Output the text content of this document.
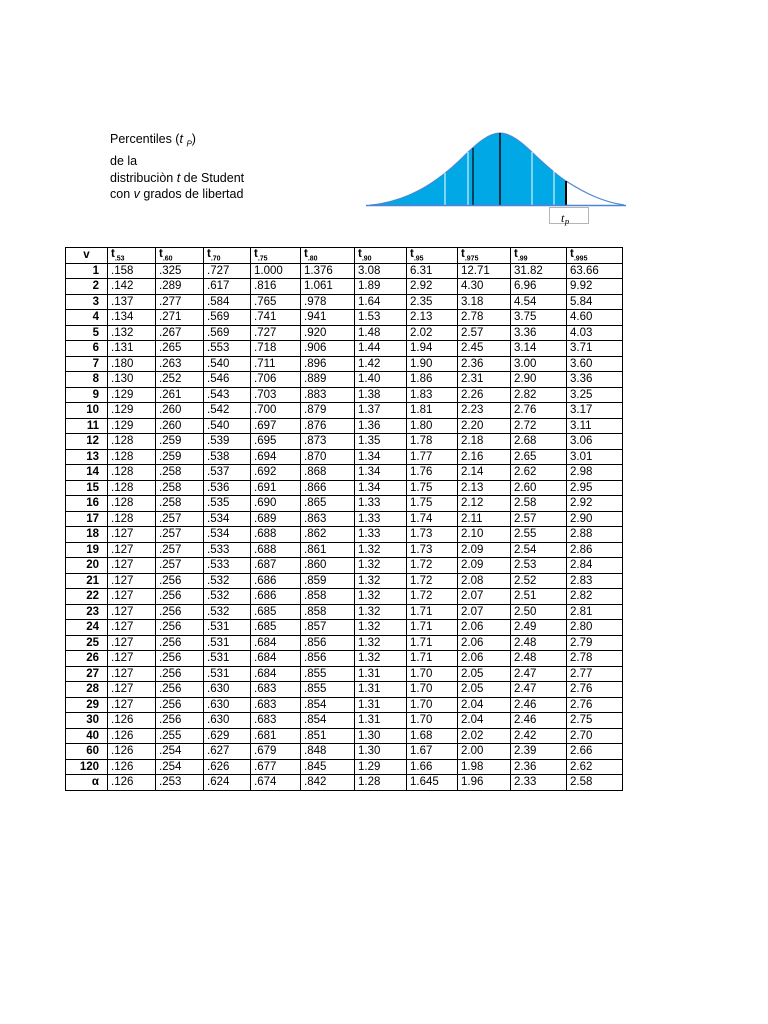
Percentiles (t $_P$)
de la
distribuciòn t de Student
con v grados de libertad
$t_P$
v	$t_{.53}$	$t_{.60}$	$t_{.70}$	$t_{.75}$	$t_{.80}$	$t_{.90}$	$t_{.95}$	$t_{.975}$	$t_{.99}$	$t_{.995}$
1	.158	.325	.727	1.000	1.376	3.08	6.31	12.71	31.82	63.66
2	.142	.289	.617	.816	1.061	1.89	2.92	4.30	6.96	9.92
3	.137	.277	.584	.765	.978	1.64	2.35	3.18	4.54	5.84
4	.134	.271	.569	.741	.941	1.53	2.13	2.78	3.75	4.60
5	.132	.267	.569	.727	.920	1.48	2.02	2.57	3.36	4.03
6	.131	.265	.553	.718	.906	1.44	1.94	2.45	3.14	3.71
7	.180	.263	.540	.711	.896	1.42	1.90	2.36	3.00	3.60
8	.130	.252	.546	.706	.889	1.40	1.86	2.31	2.90	3.36
9	.129	.261	.543	.703	.883	1.38	1.83	2.26	2.82	3.25
10	.129	.260	.542	.700	.879	1.37	1.81	2.23	2.76	3.17
11	.129	.260	.540	.697	.876	1.36	1.80	2.20	2.72	3.11
12	.128	.259	.539	.695	.873	1.35	1.78	2.18	2.68	3.06
13	.128	.259	.538	.694	.870	1.34	1.77	2.16	2.65	3.01
14	.128	.258	.537	.692	.868	1.34	1.76	2.14	2.62	2.98
15	.128	.258	.536	.691	.866	1.34	1.75	2.13	2.60	2.95
16	.128	.258	.535	.690	.865	1.33	1.75	2.12	2.58	2.92
17	.128	.257	.534	.689	.863	1.33	1.74	2.11	2.57	2.90
18	.127	.257	.534	.688	.862	1.33	1.73	2.10	2.55	2.88
19	.127	.257	.533	.688	.861	1.32	1.73	2.09	2.54	2.86
20	.127	.257	.533	.687	.860	1.32	1.72	2.09	2.53	2.84
21	.127	.256	.532	.686	.859	1.32	1.72	2.08	2.52	2.83
22	.127	.256	.532	.686	.858	1.32	1.72	2.07	2.51	2.82
23	.127	.256	.532	.685	.858	1.32	1.71	2.07	2.50	2.81
24	.127	.256	.531	.685	.857	1.32	1.71	2.06	2.49	2.80
25	.127	.256	.531	.684	.856	1.32	1.71	2.06	2.48	2.79
26	.127	.256	.531	.684	.856	1.32	1.71	2.06	2.48	2.78
27	.127	.256	.531	.684	.855	1.31	1.70	2.05	2.47	2.77
28	.127	.256	.630	.683	.855	1.31	1.70	2.05	2.47	2.76
29	.127	.256	.630	.683	.854	1.31	1.70	2.04	2.46	2.76
30	.126	.256	.630	.683	.854	1.31	1.70	2.04	2.46	2.75
40	.126	.255	.629	.681	.851	1.30	1.68	2.02	2.42	2.70
60	.126	.254	.627	.679	.848	1.30	1.67	2.00	2.39	2.66
120	.126	.254	.626	.677	.845	1.29	1.66	1.98	2.36	2.62
α	.126	.253	.624	.674	.842	1.28	1.645	1.96	2.33	2.58
